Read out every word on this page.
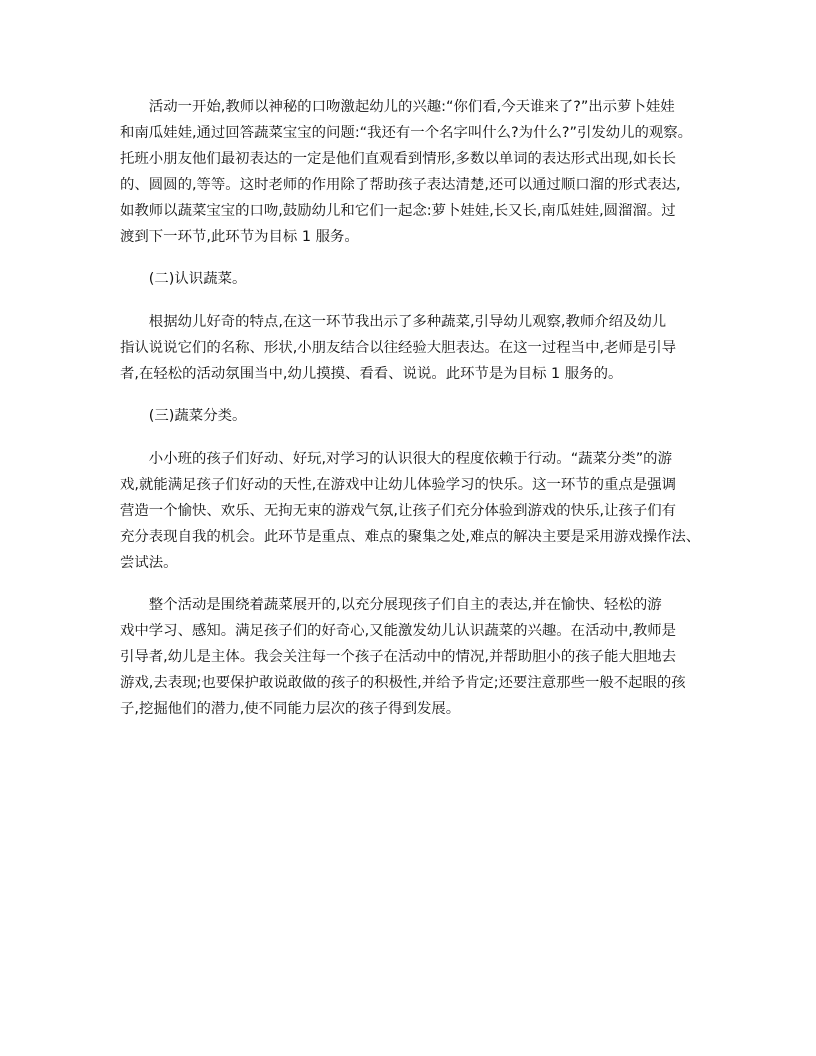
活动一开始,教师以神秘的口吻激起幼儿的兴趣:“你们看,今天谁来了?”出示萝卜娃娃
和南瓜娃娃,通过回答蔬菜宝宝的问题:“我还有一个名字叫什么?为什么?”引发幼儿的观察。
托班小朋友他们最初表达的一定是他们直观看到情形,多数以单词的表达形式出现,如长长
的、圆圆的,等等。这时老师的作用除了帮助孩子表达清楚,还可以通过顺口溜的形式表达,
如教师以蔬菜宝宝的口吻,鼓励幼儿和它们一起念:萝卜娃娃,长又长,南瓜娃娃,圆溜溜。过
渡到下一环节,此环节为目标 1 服务。

(二)认识蔬菜。

根据幼儿好奇的特点,在这一环节我出示了多种蔬菜,引导幼儿观察,教师介绍及幼儿
指认说说它们的名称、形状,小朋友结合以往经验大胆表达。在这一过程当中,老师是引导
者,在轻松的活动氛围当中,幼儿摸摸、看看、说说。此环节是为目标 1 服务的。

(三)蔬菜分类。

小小班的孩子们好动、好玩,对学习的认识很大的程度依赖于行动。“蔬菜分类”的游
戏,就能满足孩子们好动的天性,在游戏中让幼儿体验学习的快乐。这一环节的重点是强调
营造一个愉快、欢乐、无拘无束的游戏气氛,让孩子们充分体验到游戏的快乐,让孩子们有
充分表现自我的机会。此环节是重点、难点的聚集之处,难点的解决主要是采用游戏操作法、
尝试法。

整个活动是围绕着蔬菜展开的,以充分展现孩子们自主的表达,并在愉快、轻松的游
戏中学习、感知。满足孩子们的好奇心,又能激发幼儿认识蔬菜的兴趣。在活动中,教师是
引导者,幼儿是主体。我会关注每一个孩子在活动中的情况,并帮助胆小的孩子能大胆地去
游戏,去表现;也要保护敢说敢做的孩子的积极性,并给予肯定;还要注意那些一般不起眼的孩
子,挖掘他们的潜力,使不同能力层次的孩子得到发展。
